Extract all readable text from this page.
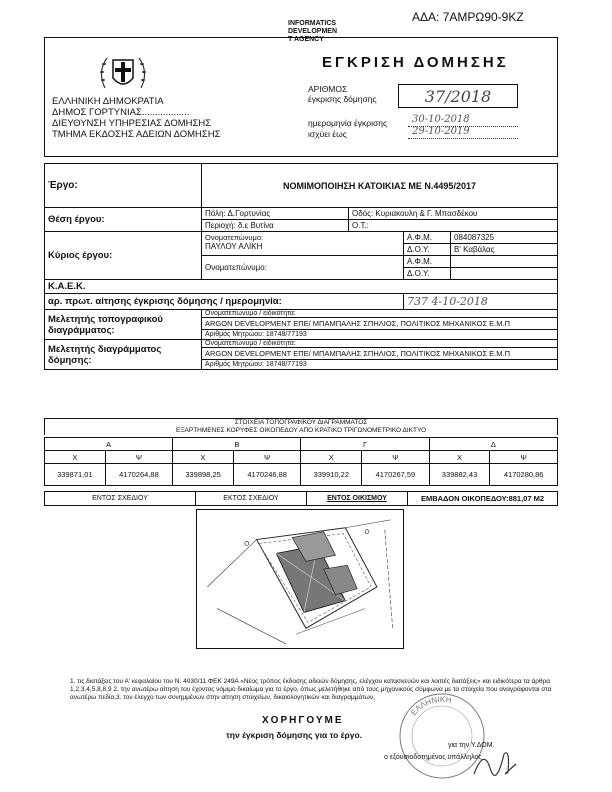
ΑΔΑ: 7ΑΜΡΩ90-9ΚΖ
INFORMATICS
DEVELOPMEN
T AGENCY
ΕΛΛΗΝΙΚΗ ΔΗΜΟΚΡΑΤΙΑ
ΔΗΜΟΣ ΓΟΡΤΥΝΙΑΣ..................
ΔΙΕΥΘΥΝΣΗ ΥΠΗΡΕΣΙΑΣ ΔΟΜΗΣΗΣ
ΤΜΗΜΑ ΕΚΔΟΣΗΣ ΑΔΕΙΩΝ ΔΟΜΗΣΗΣ
ΕΓΚΡΙΣΗ ΔΟΜΗΣΗΣ
ΑΡΙΘΜΟΣ
έγκρισης δόμησης	37/2018
ημερομηνία έγκρισης
ισχύει έως
30-10-2018
29-10-2019
Έργο:	ΝΟΜΙΜΟΠΟΙΗΣΗ ΚΑΤΟΙΚΙΑΣ ΜΕ Ν.4495/2017			
Θέση έργου:	Πόλη: Δ.Γορτυνίας	Οδός: Κυριακουλη & Γ. Μπασδέκου		
	Περιοχή: δ.ε Βυτίνα	Ο.Τ.:		
Κύριος έργου:	Ονοματεπώνυμο:
ΠΑΥΛΟΥ ΑΛΙΚΗ		Α.Φ.Μ.	084087325
			Δ.Ο.Υ.	Β' Καβάλας
	Ονοματεπώνυμο:		Α.Φ.Μ.	
			Δ.Ο.Υ.	
Κ.Α.Ε.Κ.				
αρ. πρωτ. αίτησης έγκρισης δόμησης / ημερομηνία:			737 4-10-2018	
Μελετητής τοπογραφικού διαγράμματος:	Ονοματεπώνυμο / ειδικότητα:			
	ARGON DEVELOPMENT ΕΠΕ/ ΜΠΑΜΠΑΛΗΣ ΣΠΗΛΙΟΣ, ΠΟΛΙΤΙΚΟΣ ΜΗΧΑΝΙΚΟΣ Ε.Μ.Π			
	Αριθμός Μητρώου: 18748/77193			
Μελετητής διαγράμματος δόμησης:	Ονοματεπώνυμο / ειδικότητα:			
	ARGON DEVELOPMENT ΕΠΕ/ ΜΠΑΜΠΑΛΗΣ ΣΠΗΛΙΟΣ, ΠΟΛΙΤΙΚΟΣ ΜΗΧΑΝΙΚΟΣ Ε.Μ.Π			
	Αριθμός Μητρώου: 18748/77193			
ΣΤΟΙΧΕΙΑ ΤΟΠΟΓΡΑΦΙΚΟΥ ΔΙΑΓΡΑΜΜΑΤΟΣ
ΕΞΑΡΤΗΜΕΝΕΣ ΚΟΡΥΦΕΣ ΟΙΚΟΠΕΔΟΥ ΑΠΟ ΚΡΑΤΙΚΟ ΤΡΙΓΩΝΟΜΕΤΡΙΚΟ ΔΙΚΤΥΟ
Α		Β		Γ		Δ	
Χ	Ψ	Χ	Ψ	Χ	Ψ	Χ	Ψ
339871,01	4170264,88	339898,25	4170246,88	339910,22	4170267,59	339882,43	4170280,86
ΕΝΤΟΣ ΣΧΕΔΙΟΥ	ΕΚΤΟΣ ΣΧΕΔΙΟΥ	ΕΝΤΟΣ ΟΙΚΙΣΜΟΥ	ΕΜΒΑΔΟΝ ΟΙΚΟΠΕΔΟΥ:881,07 Μ2
1. τις διατάξεις του Α' κεφαλαίου του Ν. 4030/11 ΦΕΚ 249Α «Νέος τρόπος έκδοσης αδειών δόμησης, ελέγχου κατασκευών και λοιπές διατάξεις» και ειδικότερα τα άρθρα 1,2,3,4,5,8,8,9 2. την ανωτέρω αίτηση του έχοντος νόμιμο δικαίωμα για το έργο, όπως μελετήθηκε από τους μηχανικούς σύμφωνα με τα στοιχεία που αναγράφονται στα ανωτέρω πεδία,3. τον έλεγχο των συνημμένων στην αίτηση στοιχείων, δικαιολογητικών και διαγραμμάτων,
ΧΟΡΗΓΟΥΜΕ
την έγκριση δόμησης για το έργο.
ΕΛΛΗΝΙΚΗ
για την Υ.ΔΟΜ.
ο εξουσιοδοτημένος υπάλληλος
